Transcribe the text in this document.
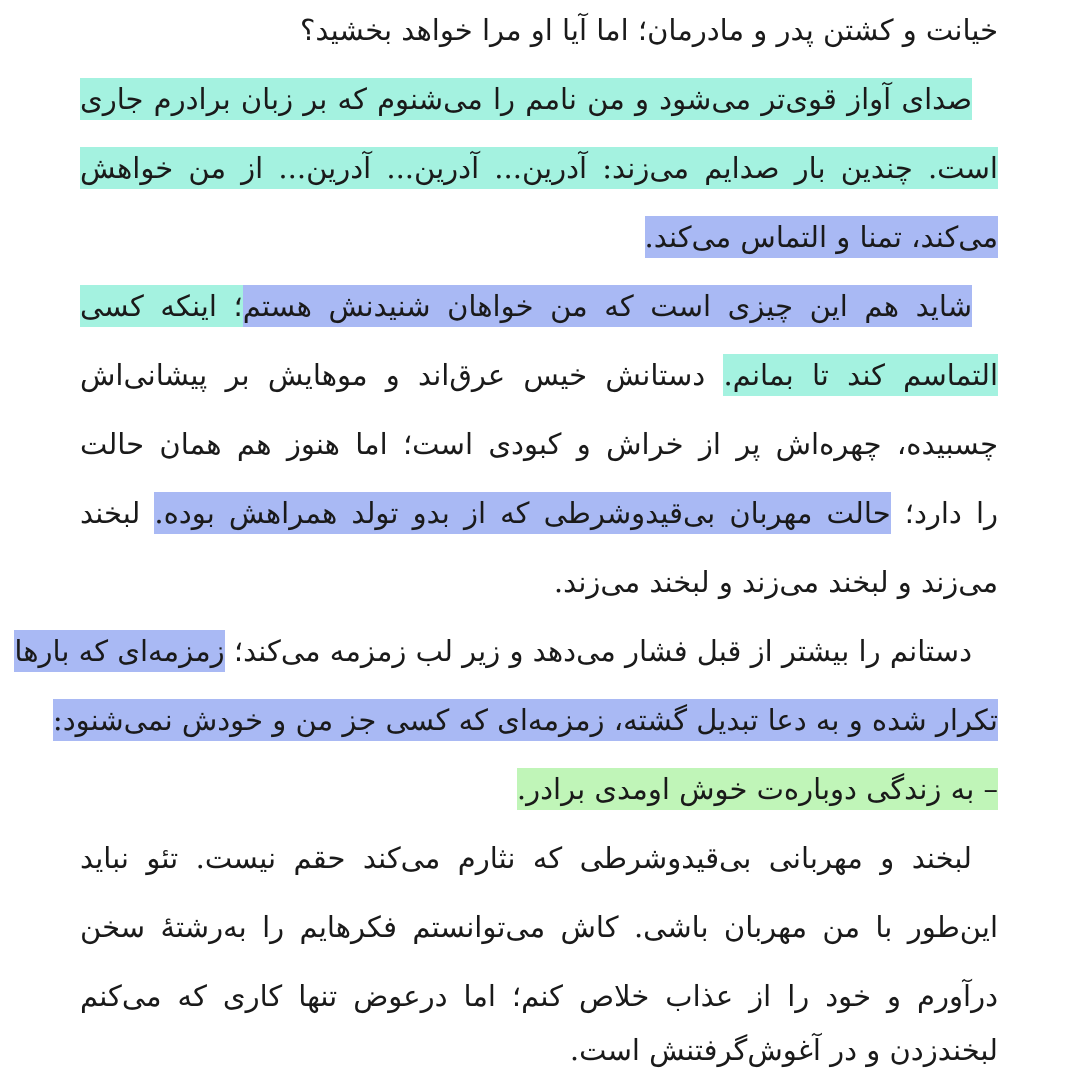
خیانت و کشتن پدر و مادرمان؛ اما آیا او مرا خواهد بخشید؟
صدای آواز قوی‌تر می‌شود و من نامم را می‌شنوم که بر زبان برادرم جاری
است. چندین بار صدایم می‌زند: آدرین... آدرین... آدرین... از من خواهش
می‌کند، تمنا و التماس می‌کند.
شاید هم این چیزی است که من خواهان شنیدنش هستم؛ اینکه کسی
التماسم کند تا بمانم. دستانش خیس عرق‌اند و موهایش بر پیشانی‌اش
چسبیده، چهره‌اش پر از خراش و کبودی است؛ اما هنوز هم همان حالت
را دارد؛ حالت مهربان بی‌قیدوشرطی که از بدو تولد همراهش بوده. لبخند
می‌زند و لبخند می‌زند و لبخند می‌زند.
دستانم را بیشتر از قبل فشار می‌دهد و زیر لب زمزمه می‌کند؛ زمزمه‌ای که بارها
تکرار شده و به دعا تبدیل گشته، زمزمه‌ای که کسی جز من و خودش نمی‌شنود:
– به زندگی دوباره‌ت خوش اومدی برادر.
لبخند و مهربانی بی‌قیدوشرطی که نثارم می‌کند حقم نیست. تئو نباید
این‌طور با من مهربان باشی. کاش می‌توانستم فکرهایم را به‌رشتهٔ سخن
درآورم و خود را از عذاب خلاص کنم؛ اما درعوض تنها کاری که می‌کنم
لبخندزدن و در آغوش‌گرفتنش است.
